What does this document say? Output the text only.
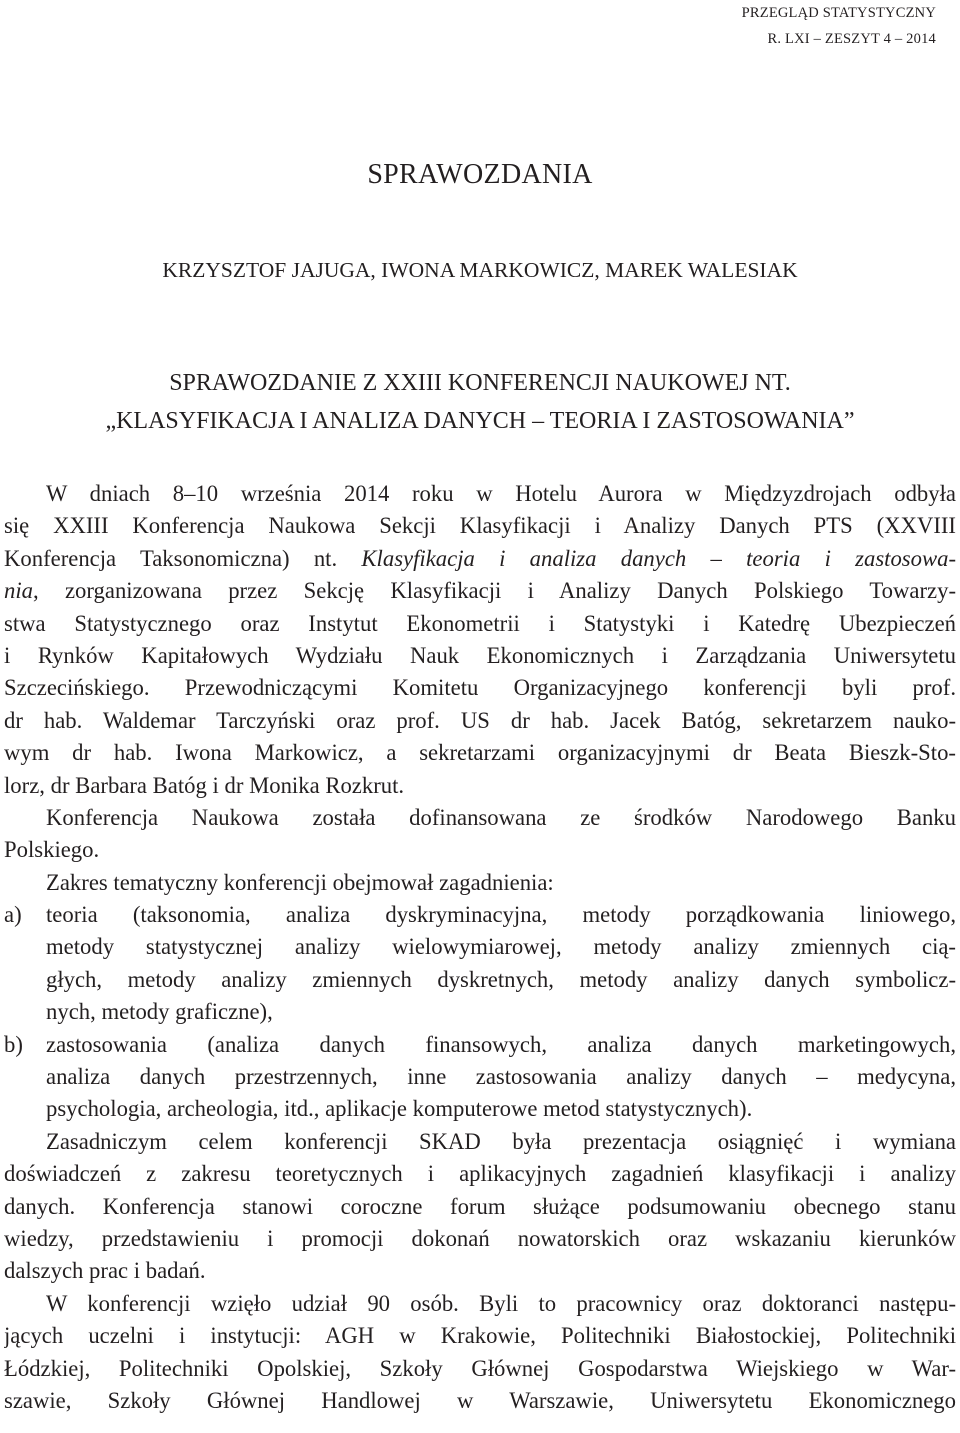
PRZEGLĄD STATYSTYCZNY
R. LXI – ZESZYT 4 – 2014
SPRAWOZDANIA
KRZYSZTOF JAJUGA, IWONA MARKOWICZ, MAREK WALESIAK
SPRAWOZDANIE Z XXIII KONFERENCJI NAUKOWEJ NT.
„KLASYFIKACJA I ANALIZA DANYCH – TEORIA I ZASTOSOWANIA”
W dniach 8–10 września 2014 roku w Hotelu Aurora w Międzyzdrojach odbyła
się XXIII Konferencja Naukowa Sekcji Klasyfikacji i Analizy Danych PTS (XXVIII
Konferencja Taksonomiczna) nt. Klasyfikacja i analiza danych – teoria i zastosowa-
nia, zorganizowana przez Sekcję Klasyfikacji i Analizy Danych Polskiego Towarzy-
stwa Statystycznego oraz Instytut Ekonometrii i Statystyki i Katedrę Ubezpieczeń
i Rynków Kapitałowych Wydziału Nauk Ekonomicznych i Zarządzania Uniwersytetu
Szczecińskiego. Przewodniczącymi Komitetu Organizacyjnego konferencji byli prof.
dr hab. Waldemar Tarczyński oraz prof. US dr hab. Jacek Batóg, sekretarzem nauko-
wym dr hab. Iwona Markowicz, a sekretarzami organizacyjnymi dr Beata Bieszk-Sto-
lorz, dr Barbara Batóg i dr Monika Rozkrut.
Konferencja Naukowa została dofinansowana ze środków Narodowego Banku
Polskiego.
Zakres tematyczny konferencji obejmował zagadnienia:
a) teoria (taksonomia, analiza dyskryminacyjna, metody porządkowania liniowego,
metody statystycznej analizy wielowymiarowej, metody analizy zmiennych cią-
głych, metody analizy zmiennych dyskretnych, metody analizy danych symbolicz-
nych, metody graficzne),
b) zastosowania (analiza danych finansowych, analiza danych marketingowych,
analiza danych przestrzennych, inne zastosowania analizy danych – medycyna,
psychologia, archeologia, itd., aplikacje komputerowe metod statystycznych).
Zasadniczym celem konferencji SKAD była prezentacja osiągnięć i wymiana
doświadczeń z zakresu teoretycznych i aplikacyjnych zagadnień klasyfikacji i analizy
danych. Konferencja stanowi coroczne forum służące podsumowaniu obecnego stanu
wiedzy, przedstawieniu i promocji dokonań nowatorskich oraz wskazaniu kierunków
dalszych prac i badań.
W konferencji wzięło udział 90 osób. Byli to pracownicy oraz doktoranci następu-
jących uczelni i instytucji: AGH w Krakowie, Politechniki Białostockiej, Politechniki
Łódzkiej, Politechniki Opolskiej, Szkoły Głównej Gospodarstwa Wiejskiego w War-
szawie, Szkoły Głównej Handlowej w Warszawie, Uniwersytetu Ekonomicznego
